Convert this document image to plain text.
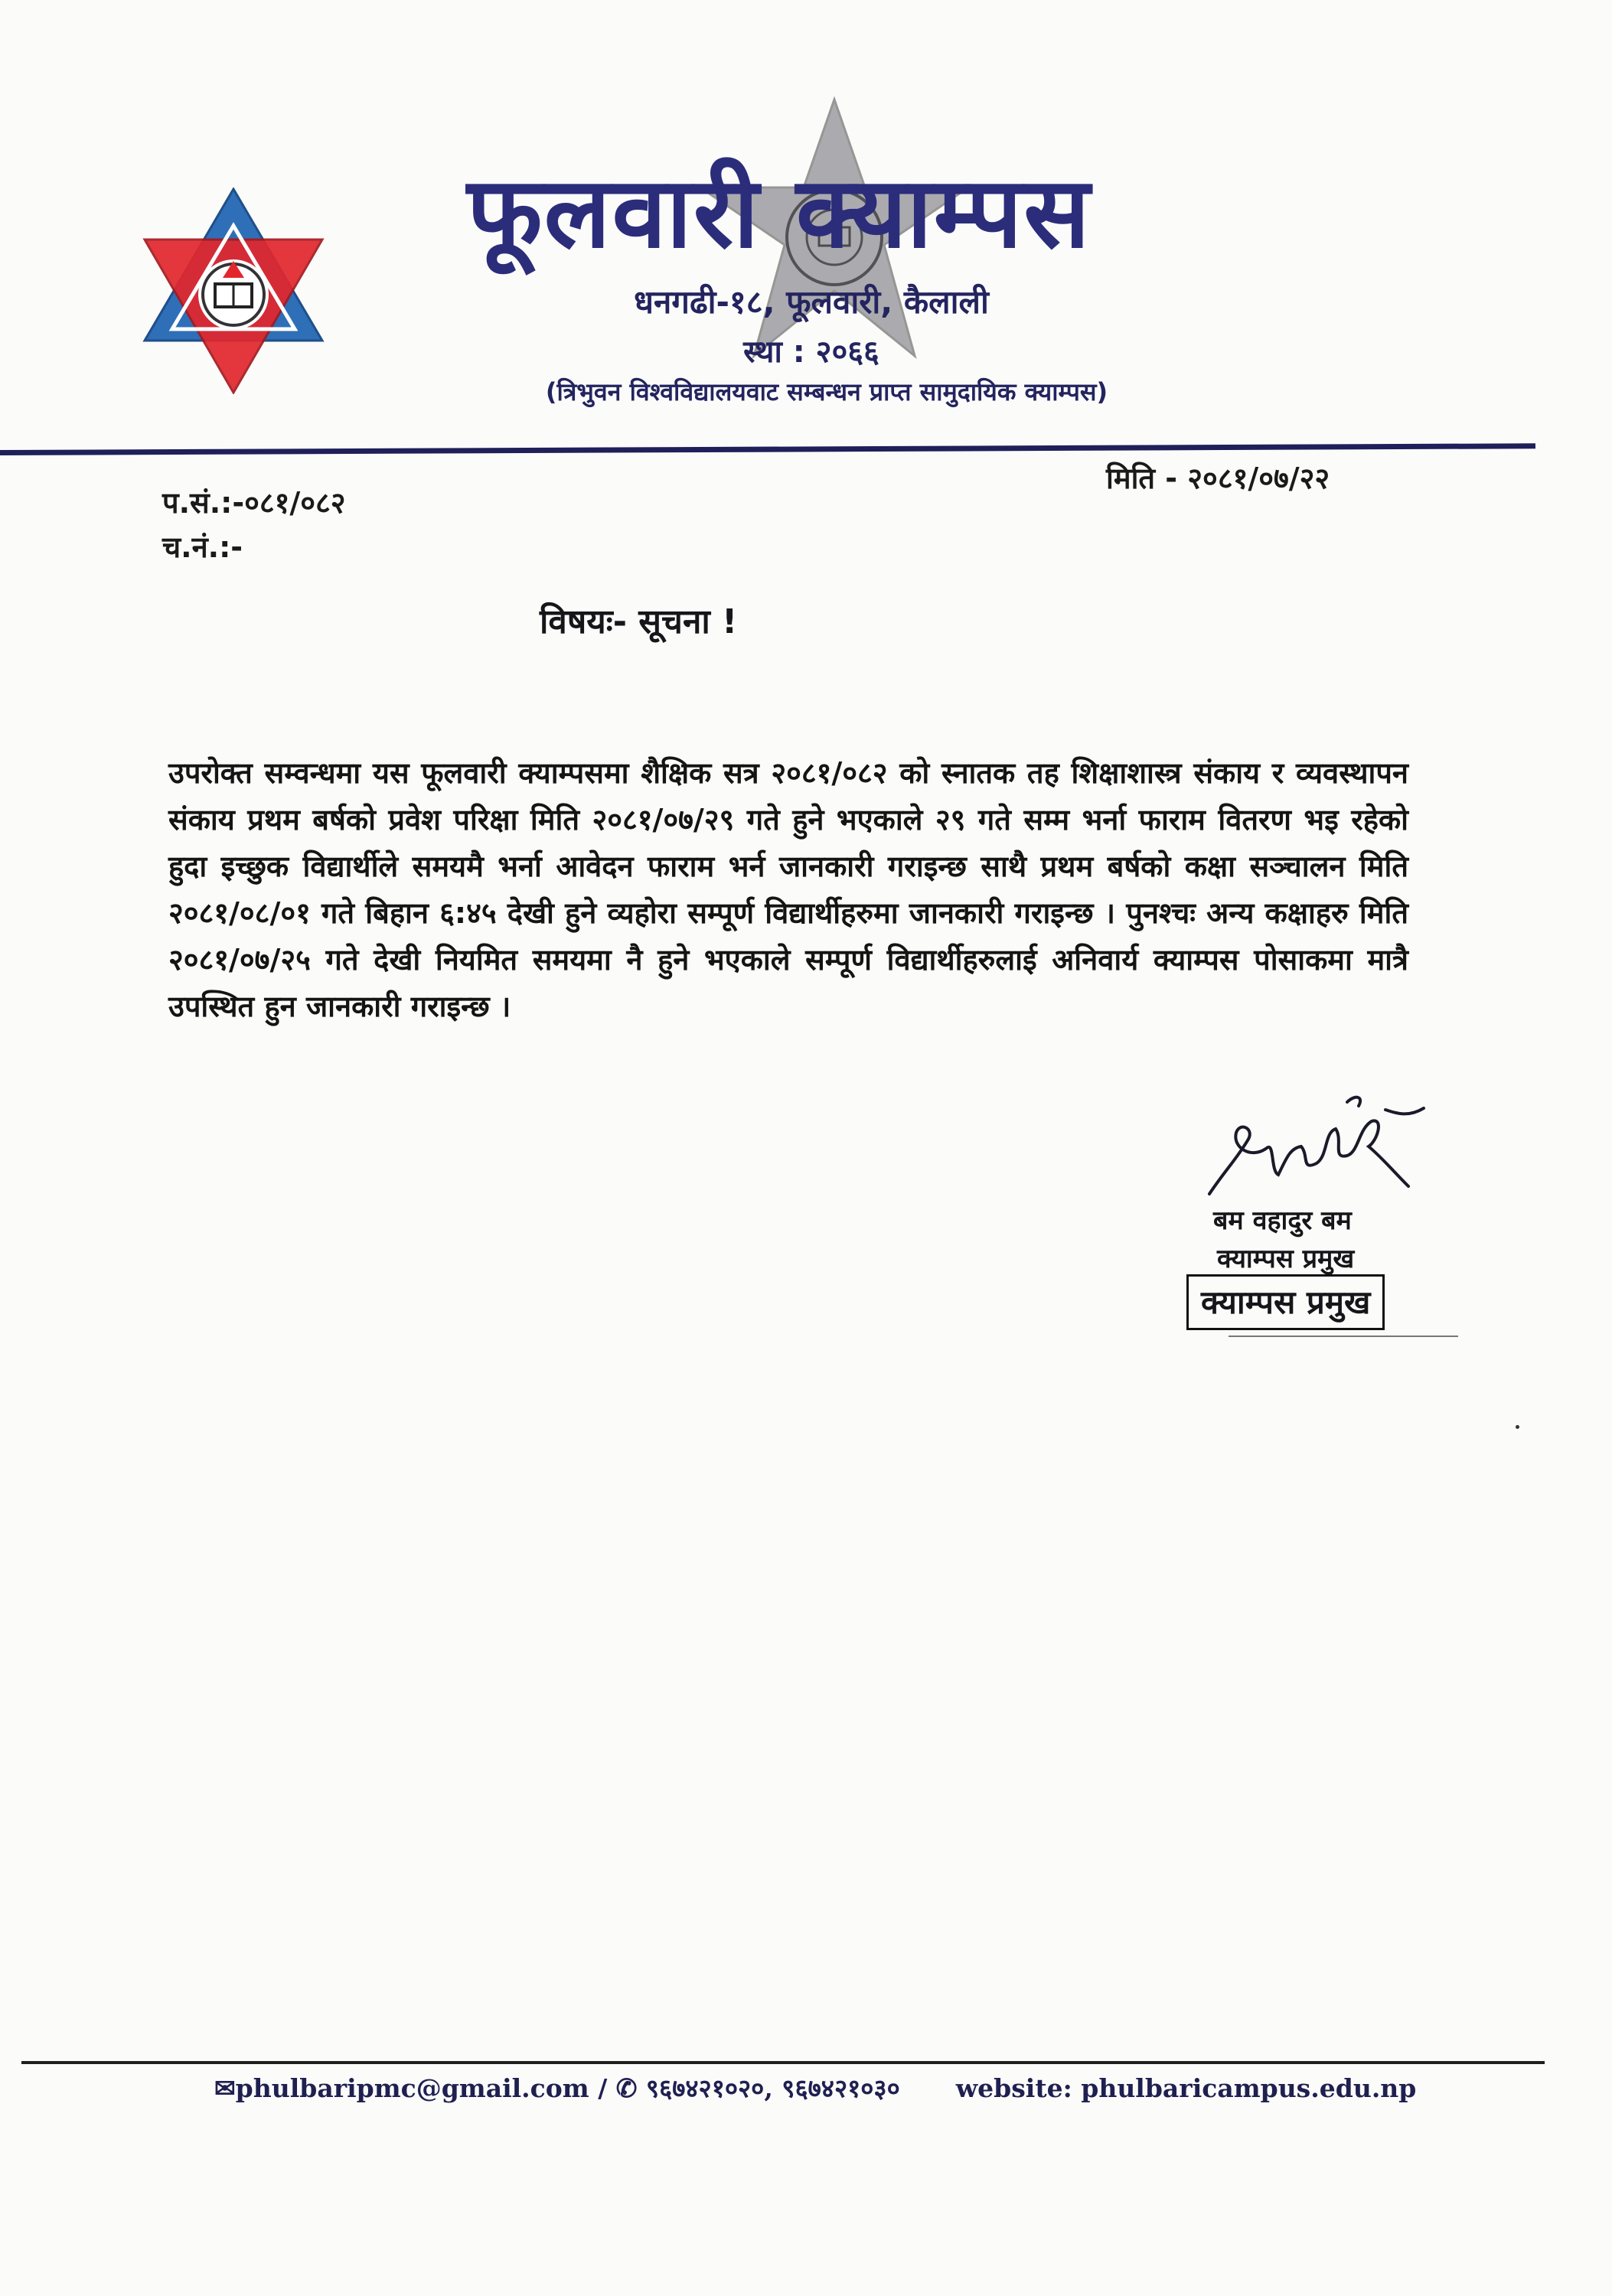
फूलवारी क्याम्पस
धनगढी-१८, फूलवारी, कैलाली
स्था : २०६६
(त्रिभुवन विश्वविद्यालयवाट सम्बन्धन प्राप्त सामुदायिक क्याम्पस)
प.सं.:-०८१/०८२
च.नं.:-
मिति - २०८१/०७/२२
विषयः- सूचना !
उपरोक्त सम्वन्धमा यस फूलवारी क्याम्पसमा शैक्षिक सत्र २०८१/०८२ को स्नातक तह शिक्षाशास्त्र संकाय र व्यवस्थापन संकाय प्रथम बर्षको प्रवेश परिक्षा मिति २०८१/०७/२९ गते हुने भएकाले २९ गते सम्म भर्ना फाराम वितरण भइ रहेको हुदा इच्छुक विद्यार्थीले समयमै भर्ना आवेदन फाराम भर्न जानकारी गराइन्छ साथै प्रथम बर्षको कक्षा सञ्चालन मिति २०८१/०८/०१ गते बिहान ६:४५ देखी हुने व्यहोरा सम्पूर्ण विद्यार्थीहरुमा जानकारी गराइन्छ । पुनश्चः अन्य कक्षाहरु मिति २०८१/०७/२५ गते देखी नियमित समयमा नै हुने भएकाले सम्पूर्ण विद्यार्थीहरुलाई अनिवार्य क्याम्पस पोसाकमा मात्रै उपस्थित हुन जानकारी गराइन्छ ।
बम वहादुर बम
क्याम्पस प्रमुख
क्याम्पस प्रमुख
✉phulbaripmc@gmail.com / ✆ ९६७४२१०२०, ९६७४२१०३० website: phulbaricampus.edu.np
